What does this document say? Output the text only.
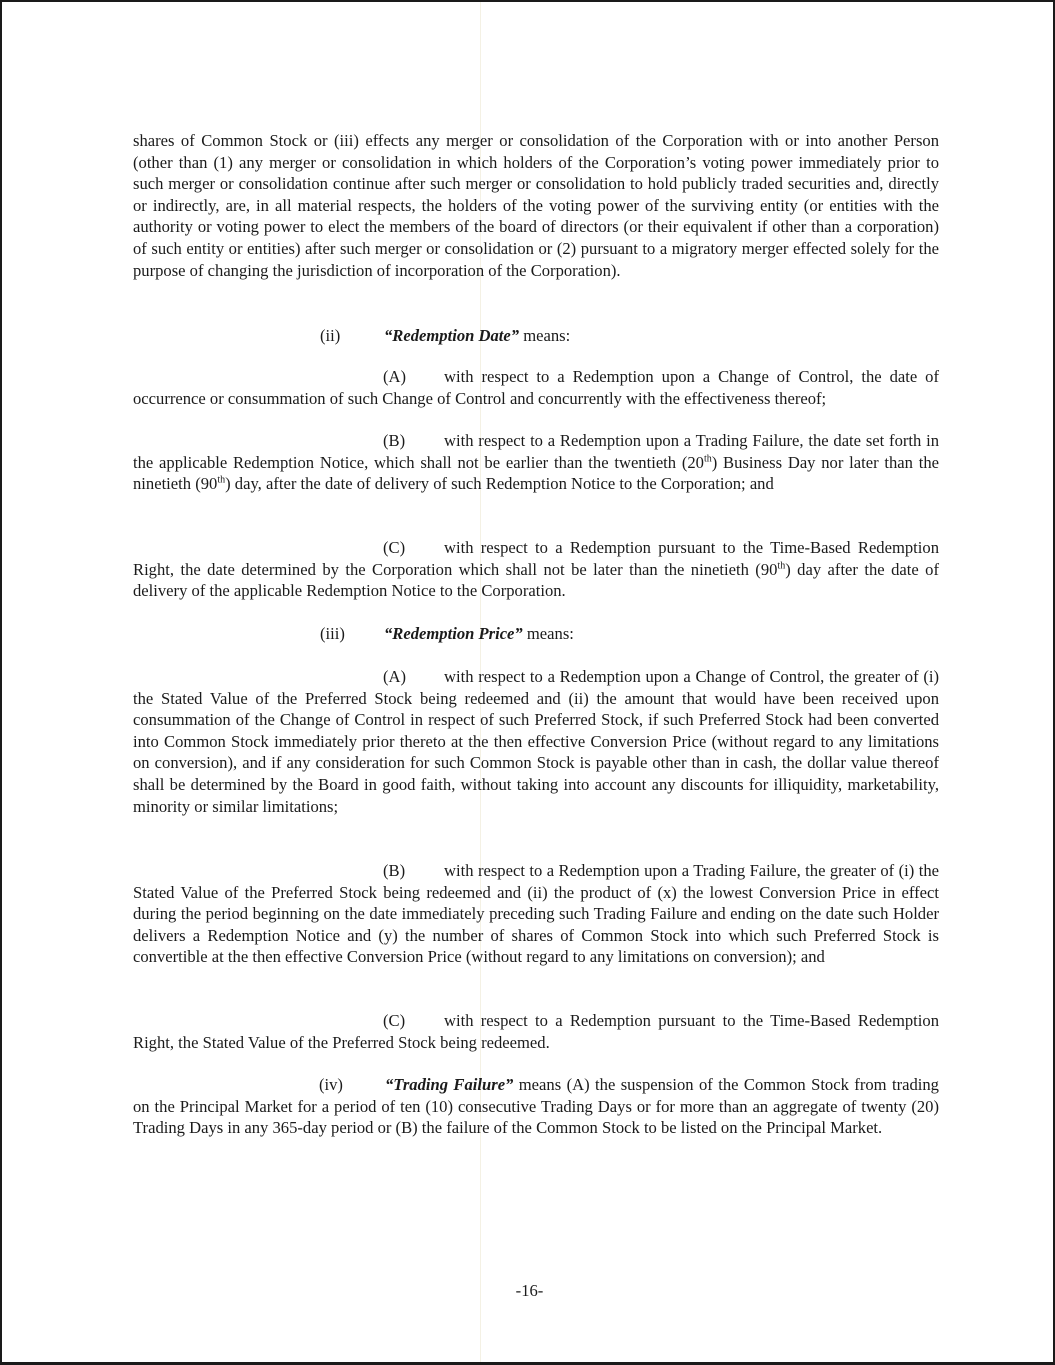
shares of Common Stock or (iii) effects any merger or consolidation of the Corporation with or into another Person (other than (1) any merger or consolidation in which holders of the Corporation’s voting power immediately prior to such merger or consolidation continue after such merger or consolidation to hold publicly traded securities and, directly or indirectly, are, in all material respects, the holders of the voting power of the surviving entity (or entities with the authority or voting power to elect the members of the board of directors (or their equivalent if other than a corporation) of such entity or entities) after such merger or consolidation or (2) pursuant to a migratory merger effected solely for the purpose of changing the jurisdiction of incorporation of the Corporation).

(ii)	“Redemption Date” means:

(A) with respect to a Redemption upon a Change of Control, the date of occurrence or consummation of such Change of Control and concurrently with the effectiveness thereof;

(B) with respect to a Redemption upon a Trading Failure, the date set forth in the applicable Redemption Notice, which shall not be earlier than the twentieth (20th) Business Day nor later than the ninetieth (90th) day, after the date of delivery of such Redemption Notice to the Corporation; and

(C) with respect to a Redemption pursuant to the Time-Based Redemption Right, the date determined by the Corporation which shall not be later than the ninetieth (90th) day after the date of delivery of the applicable Redemption Notice to the Corporation.

(iii) “Redemption Price” means:

(A) with respect to a Redemption upon a Change of Control, the greater of (i) the Stated Value of the Preferred Stock being redeemed and (ii) the amount that would have been received upon consummation of the Change of Control in respect of such Preferred Stock, if such Preferred Stock had been converted into Common Stock immediately prior thereto at the then effective Conversion Price (without regard to any limitations on conversion), and if any consideration for such Common Stock is payable other than in cash, the dollar value thereof shall be determined by the Board in good faith, without taking into account any discounts for illiquidity, marketability, minority or similar limitations;

(B) with respect to a Redemption upon a Trading Failure, the greater of (i) the Stated Value of the Preferred Stock being redeemed and (ii) the product of (x) the lowest Conversion Price in effect during the period beginning on the date immediately preceding such Trading Failure and ending on the date such Holder delivers a Redemption Notice and (y) the number of shares of Common Stock into which such Preferred Stock is convertible at the then effective Conversion Price (without regard to any limitations on conversion); and

(C) with respect to a Redemption pursuant to the Time-Based Redemption Right, the Stated Value of the Preferred Stock being redeemed.

(iv)	“Trading Failure” means (A) the suspension of the Common Stock from trading on the Principal Market for a period of ten (10) consecutive Trading Days or for more than an aggregate of twenty (20) Trading Days in any 365-day period or (B) the failure of the Common Stock to be listed on the Principal Market.

-16-
